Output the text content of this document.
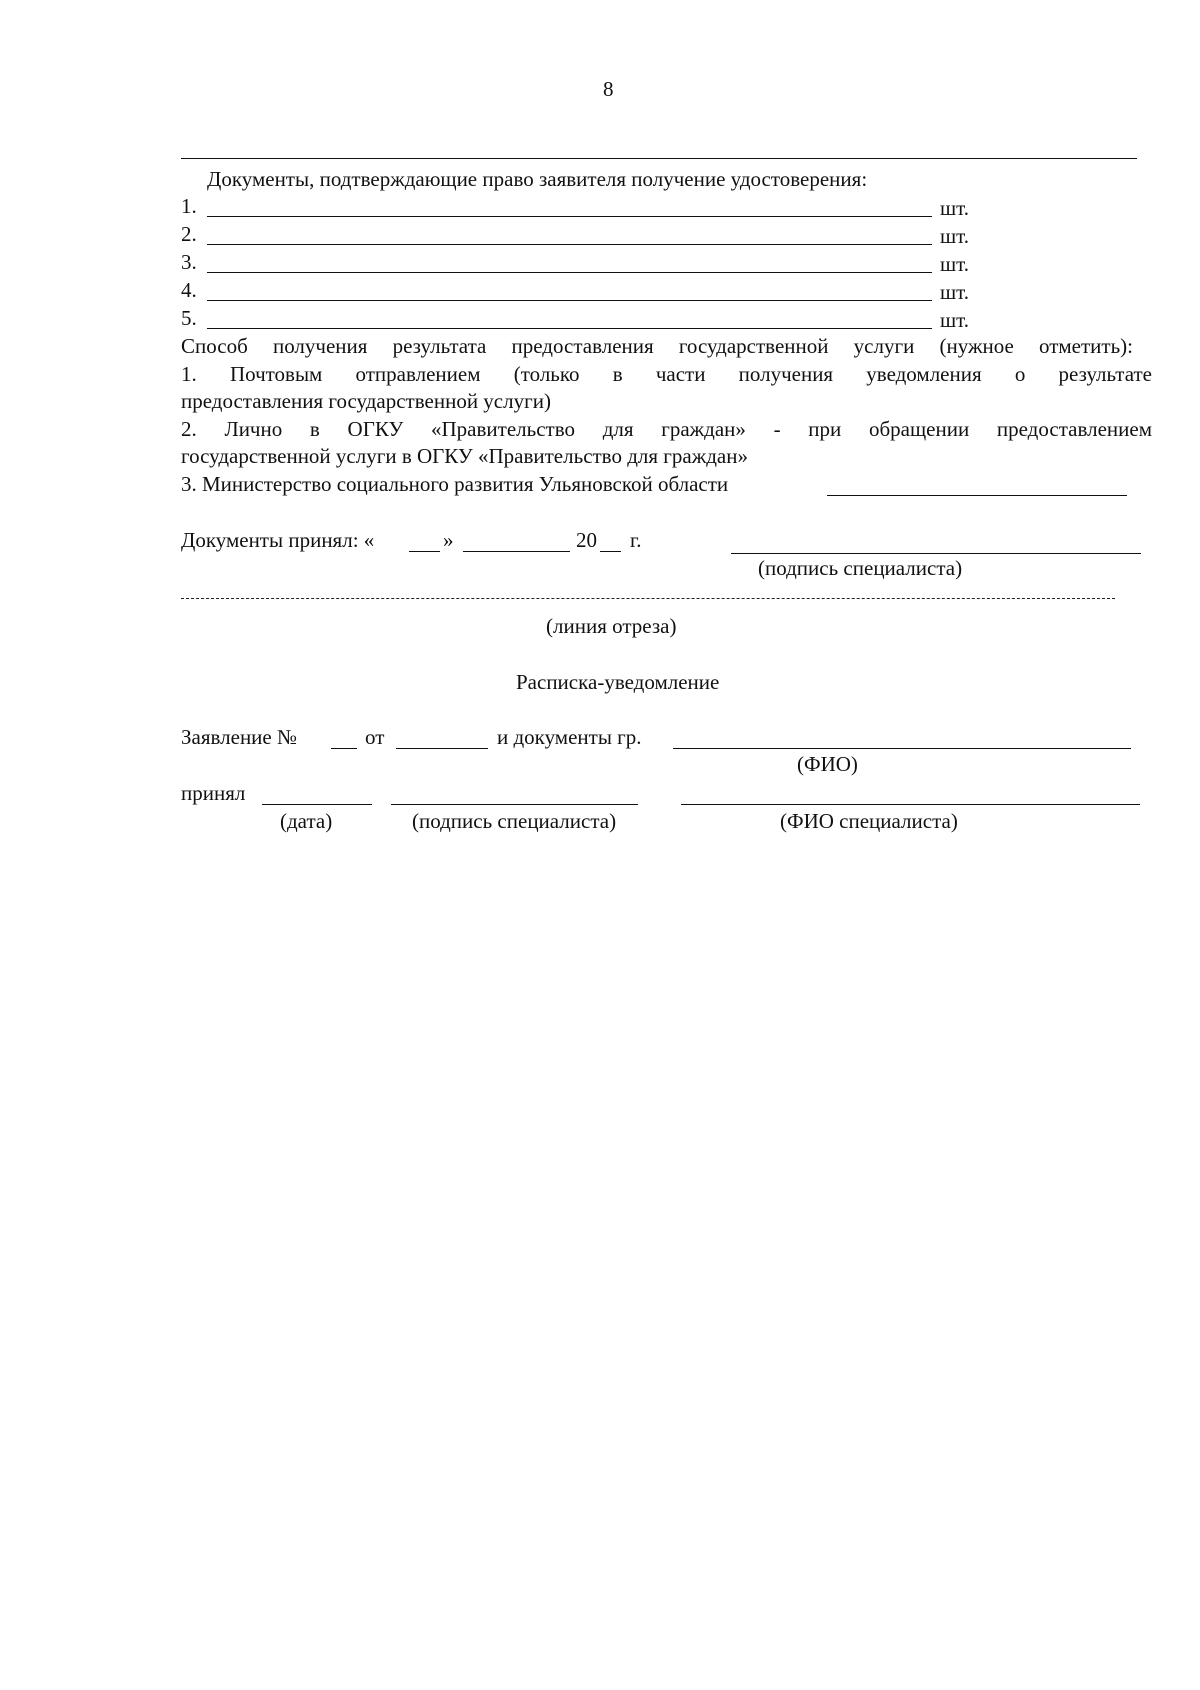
8
Документы, подтверждающие право заявителя получение удостоверения:
1.	шт.
2.	шт.
3.	шт.
4.	шт.
5.	шт.
Способ получения результата предоставления государственной услуги (нужное отметить):
1. Почтовым отправлением (только в части получения уведомления о результате
предоставления государственной услуги)
2. Лично в ОГКУ «Правительство для граждан» - при обращении предоставлением
государственной услуги в ОГКУ «Правительство для граждан»
3. Министерство социального развития Ульяновской области
Документы принял: «	»	20 г.
(подпись специалиста)
(линия отреза)
Расписка-уведомление
Заявление №	от	и документы гр.
(ФИО)
принял
(дата)	(подпись специалиста)	(ФИО специалиста)
